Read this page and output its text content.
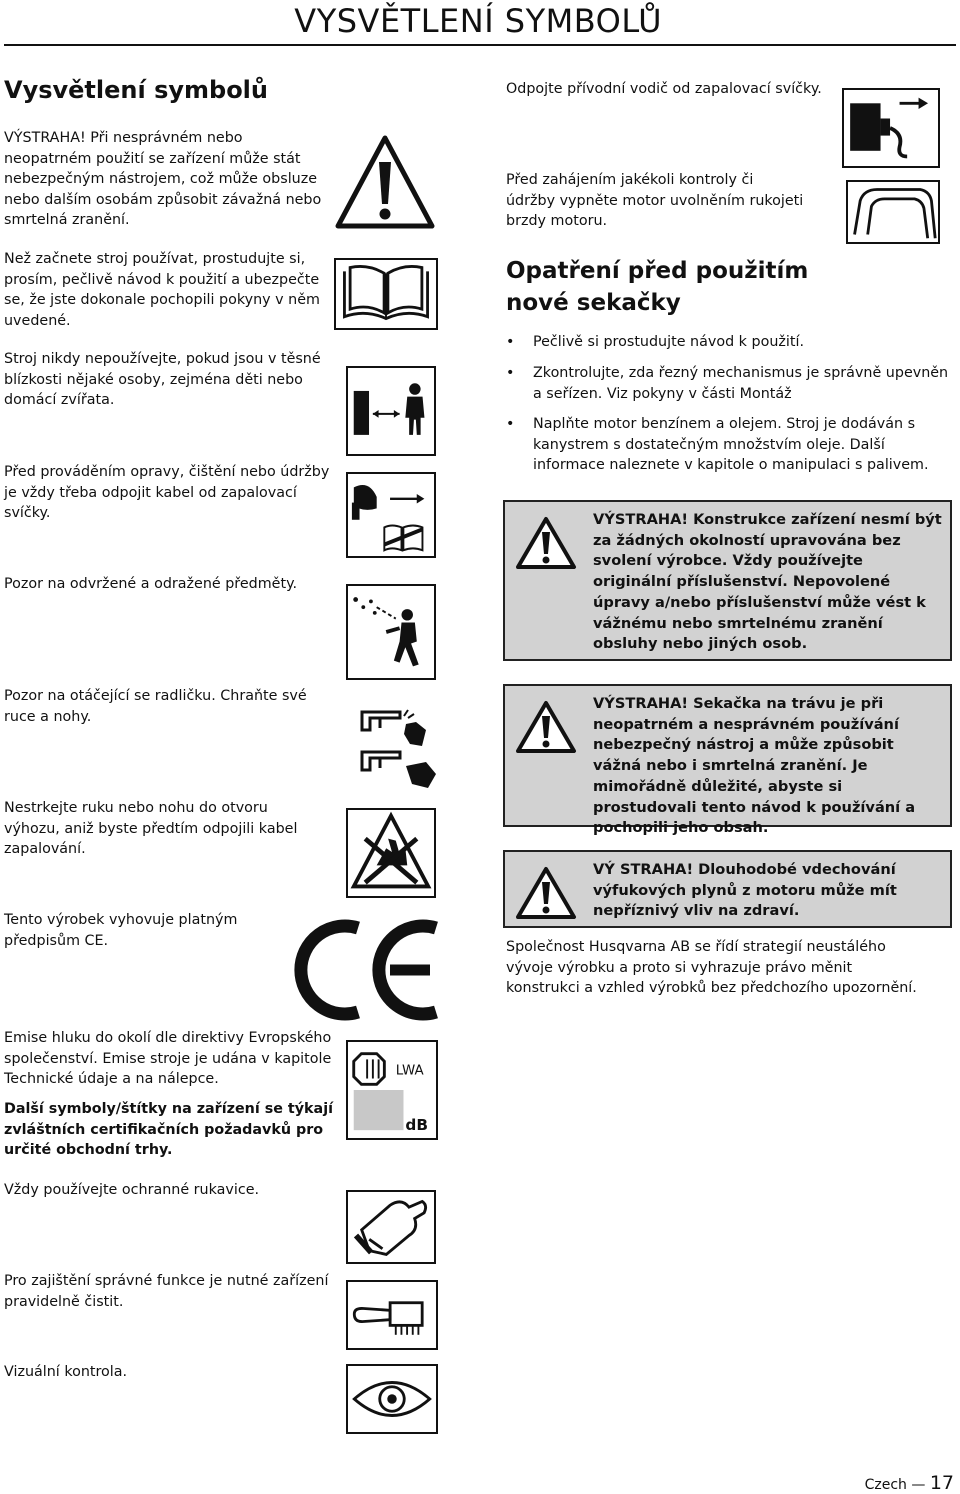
VYSVĚTLENÍ SYMBOLŮ
Vysvětlení symbolů

VÝSTRAHA! Při nesprávném nebo neopatrném použití se zařízení může stát nebezpečným nástrojem, což může obsluze nebo dalším osobám způsobit závažná nebo smrtelná zranění.

Než začnete stroj používat, prostudujte si, prosím, pečlivě návod k použití a ubezpečte se, že jste dokonale pochopili pokyny v něm uvedené.

Stroj nikdy nepoužívejte, pokud jsou v těsné blízkosti nějaké osoby, zejména děti nebo domácí zvířata.

Před prováděním opravy, čištění nebo údržby je vždy třeba odpojit kabel od zapalovací svíčky.

Pozor na odvržené a odražené předměty.

Pozor na otáčející se radličku. Chraňte své ruce a nohy.

Nestrkejte ruku nebo nohu do otvoru výhozu, aniž byste předtím odpojili kabel zapalování.

Tento výrobek vyhovuje platným předpisům CE.

Emise hluku do okolí dle direktivy Evropského společenství. Emise stroje je udána v kapitole Technické údaje a na nálepce.

Další symboly/štítky na zařízení se týkají zvláštních certifikačních požadavků pro určité obchodní trhy.

Vždy používejte ochranné rukavice.

Pro zajištění správné funkce je nutné zařízení pravidelně čistit.

Vizuální kontrola.

LWA
dB

Odpojte přívodní vodič od zapalovací svíčky.

Před zahájením jakékoli kontroly či údržby vypněte motor uvolněním rukojeti brzdy motoru.

Opatření před použitím nové sekačky
• Pečlivě si prostudujte návod k použití.
• Zkontrolujte, zda řezný mechanismus je správně upevněn a seřízen. Viz pokyny v části Montáž
• Naplňte motor benzínem a olejem. Stroj je dodáván s kanystrem s dostatečným množstvím oleje. Další informace naleznete v kapitole o manipulaci s palivem.
VÝSTRAHA! Konstrukce zařízení nesmí být za žádných okolností upravována bez svolení výrobce. Vždy používejte originální příslušenství. Nepovolené úpravy a/nebo příslušenství může vést k vážnému nebo smrtelnému zranění obsluhy nebo jiných osob.
VÝSTRAHA! Sekačka na trávu je při neopatrném a nesprávném používání nebezpečný nástroj a může způsobit vážná nebo i smrtelná zranění. Je mimořádně důležité, abyste si prostudovali tento návod k používání a pochopili jeho obsah.
VÝ STRAHA! Dlouhodobé vdechování výfukových plynů z motoru může mít nepříznivý vliv na zdraví.

Společnost Husqvarna AB se řídí strategií neustálého vývoje výrobku a proto si vyhrazuje právo měnit konstrukci a vzhled výrobků bez předchozího upozornění.

Czech — 17
